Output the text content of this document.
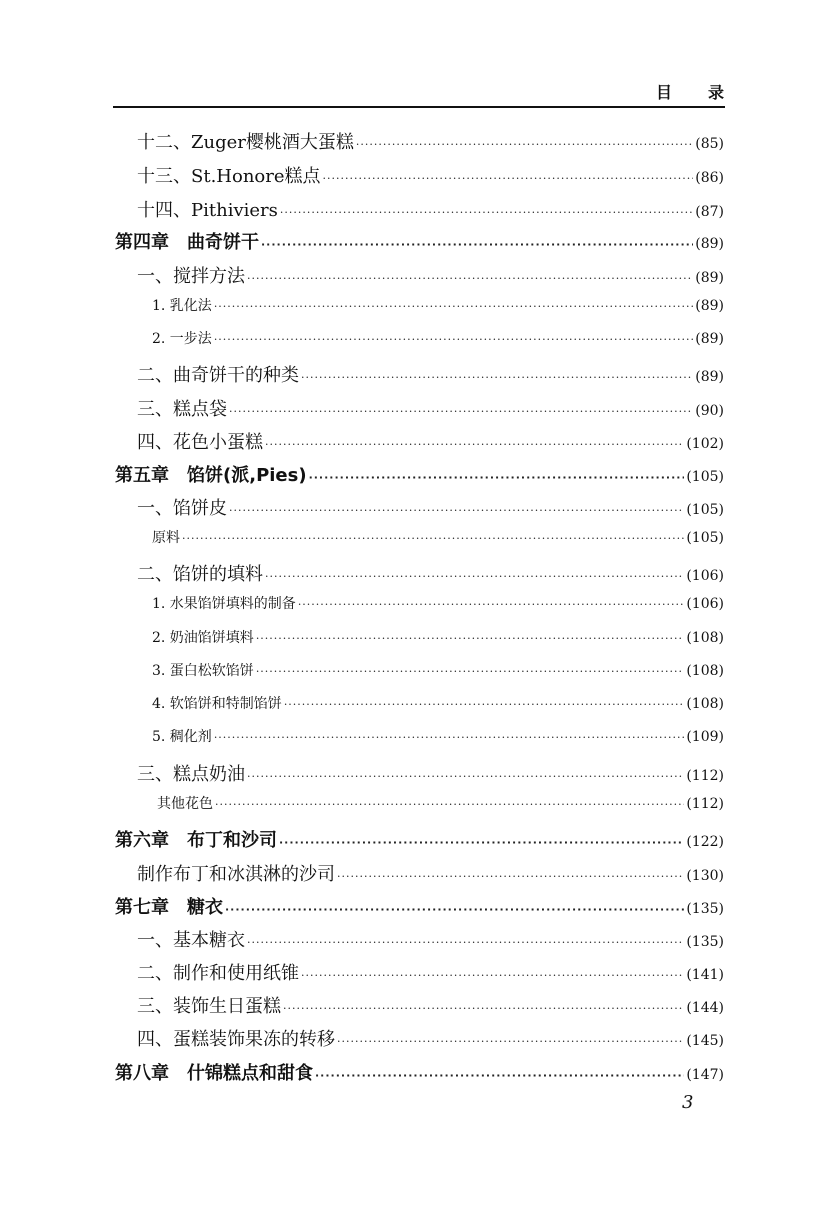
目录
十二、Zuger樱桃酒大蛋糕 ·····	(85)
十三、St.Honore糕点 ·····	(86)
十四、Pithiviers ·····	(87)
第四章　曲奇饼干 ·····	(89)
一、搅拌方法 ·····	(89)
1. 乳化法 ·····	(89)
2. 一步法 ·····	(89)
二、曲奇饼干的种类 ·····	(89)
三、糕点袋 ·····	(90)
四、花色小蛋糕 ·····	(102)
第五章　馅饼(派,Pies) ·····	(105)
一、馅饼皮 ·····	(105)
原料 ·····	(105)
二、馅饼的填料 ·····	(106)
1. 水果馅饼填料的制备 ·····	(106)
2. 奶油馅饼填料 ·····	(108)
3. 蛋白松软馅饼 ·····	(108)
4. 软馅饼和特制馅饼 ·····	(108)
5. 稠化剂 ·····	(109)
三、糕点奶油 ·····	(112)
其他花色 ·····	(112)
第六章　布丁和沙司 ·····	(122)
制作布丁和冰淇淋的沙司 ·····	(130)
第七章　糖衣 ·····	(135)
一、基本糖衣 ·····	(135)
二、制作和使用纸锥 ·····	(141)
三、装饰生日蛋糕 ·····	(144)
四、蛋糕装饰果冻的转移 ·····	(145)
第八章　什锦糕点和甜食 ·····	(147)
3
